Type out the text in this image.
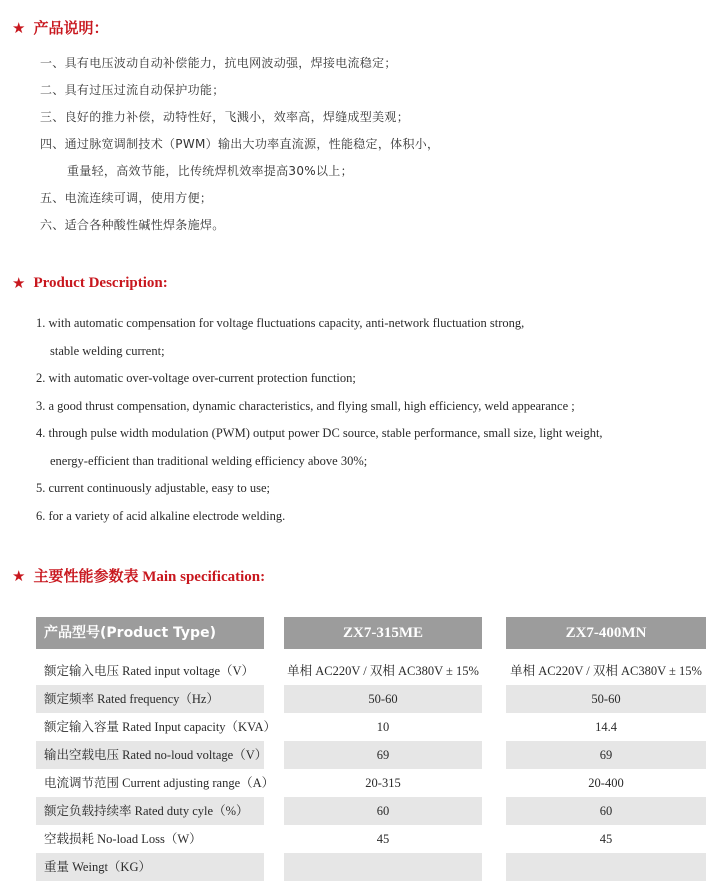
★ 产品说明：
一、具有电压波动自动补偿能力，抗电网波动强，焊接电流稳定；
二、具有过压过流自动保护功能；
三、良好的推力补偿，动特性好，飞溅小，效率高，焊缝成型美观；
四、通过脉宽调制技术（PWM）输出大功率直流源，性能稳定，体积小，
重量轻，高效节能，比传统焊机效率提高30%以上；
五、电流连续可调，使用方便；
六、适合各种酸性碱性焊条施焊。
★ Product Description:
1. with automatic compensation for voltage fluctuations capacity, anti-network fluctuation strong,
stable welding current;
2. with automatic over-voltage over-current protection function;
3. a good thrust compensation, dynamic characteristics, and flying small, high efficiency, weld appearance ;
4. through pulse width modulation (PWM) output power DC source, stable performance, small size, light weight,
energy-efficient than traditional welding efficiency above 30%;
5. current continuously adjustable, easy to use;
6. for a variety of acid alkaline electrode welding.
★ 主要性能参数表 Main specification:
产品型号(Product Type)	ZX7-315ME	ZX7-400MN
额定输入电压 Rated input voltage（V）	单相 AC220V / 双相 AC380V ± 15%	单相 AC220V / 双相 AC380V ± 15%
额定频率 Rated frequency（Hz）	50-60	50-60
额定输入容量 Rated Input capacity（KVA）	10	14.4
输出空载电压 Rated no-loud voltage（V）	69	69
电流调节范围 Current adjusting range（A）	20-315	20-400
额定负载持续率 Rated duty cyle（%）	60	60
空载损耗 No-load Loss（W）	45	45
重量 Weingt（KG）
